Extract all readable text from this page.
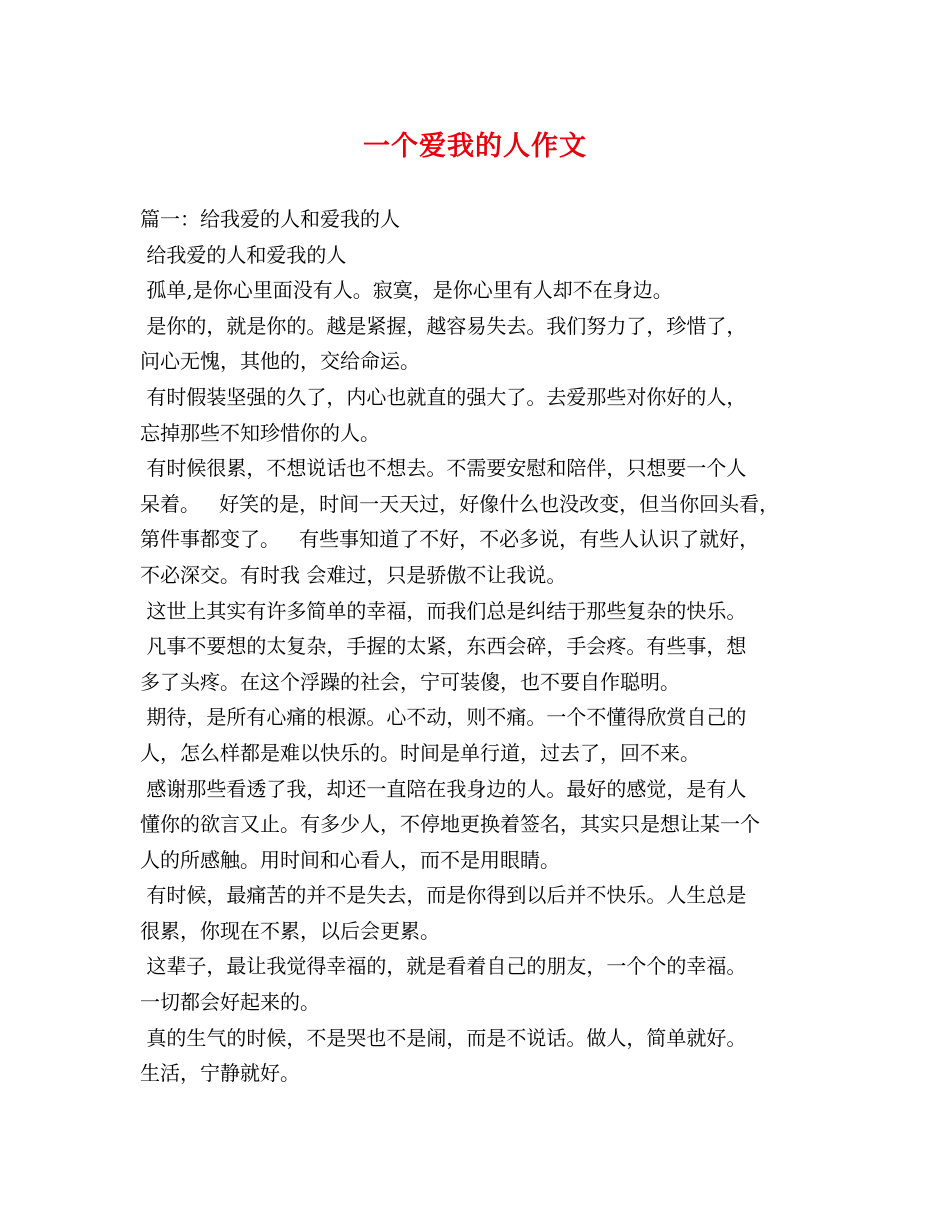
一个爱我的人作文
篇一：给我爱的人和爱我的人
给我爱的人和爱我的人
孤单,是你心里面没有人。寂寞，是你心里有人却不在身边。
是你的，就是你的。越是紧握，越容易失去。我们努力了，珍惜了，
问心无愧，其他的，交给命运。
有时假装坚强的久了，内心也就直的强大了。去爱那些对你好的人，
忘掉那些不知珍惜你的人。
有时候很累，不想说话也不想去。不需要安慰和陪伴，只想要一个人
呆着。   好笑的是，时间一天天过，好像什么也没改变，但当你回头看，
第件事都变了。   有些事知道了不好，不必多说，有些人认识了就好，
不必深交。有时我 会难过，只是骄傲不让我说。
这世上其实有许多简单的幸福，而我们总是纠结于那些复杂的快乐。
凡事不要想的太复杂，手握的太紧，东西会碎，手会疼。有些事，想
多了头疼。在这个浮躁的社会，宁可装傻，也不要自作聪明。
期待，是所有心痛的根源。心不动，则不痛。一个不懂得欣赏自己的
人，怎么样都是难以快乐的。时间是单行道，过去了，回不来。
感谢那些看透了我，却还一直陪在我身边的人。最好的感觉，是有人
懂你的欲言又止。有多少人，不停地更换着签名，其实只是想让某一个
人的所感触。用时间和心看人，而不是用眼睛。
有时候，最痛苦的并不是失去，而是你得到以后并不快乐。人生总是
很累，你现在不累，以后会更累。
这辈子，最让我觉得幸福的，就是看着自己的朋友，一个个的幸福。
一切都会好起来的。
真的生气的时候，不是哭也不是闹，而是不说话。做人，简单就好。
生活，宁静就好。
